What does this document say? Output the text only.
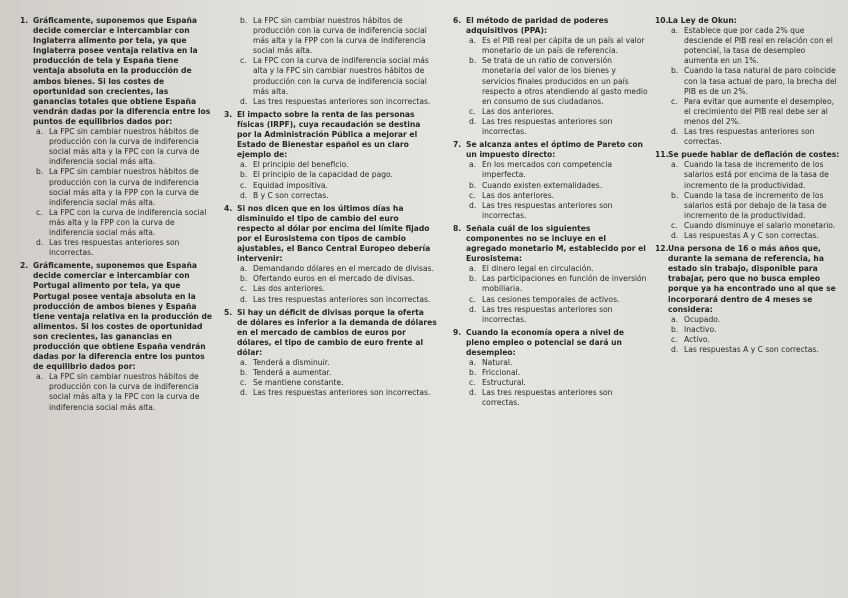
1. Gráficamente, suponemos que España decide comerciar e intercambiar con Inglaterra alimento por tela, ya que Inglaterra posee ventaja relativa en la producción de tela y España tiene ventaja absoluta en la producción de ambos bienes. Si los costes de oportunidad son crecientes, las ganancias totales que obtiene España vendrán dadas por la diferencia entre los puntos de equilibrios dados por:
a. La FPC sin cambiar nuestros hábitos de producción con la curva de indiferencia social más alta y la FPC con la curva de indiferencia social más alta.
b. La FPC sin cambiar nuestros hábitos de producción con la curva de indiferencia social más alta y la FPP con la curva de indiferencia social más alta.
c. La FPC con la curva de indiferencia social más alta y la FPP con la curva de indiferencia social más alta.
d. Las tres respuestas anteriores son incorrectas.
2. Gráficamente, suponemos que España decide comerciar e intercambiar con Portugal alimento por tela, ya que Portugal posee ventaja absoluta en la producción de ambos bienes y España tiene ventaja relativa en la producción de alimentos. Si los costes de oportunidad son crecientes, las ganancias en producción que obtiene España vendrán dadas por la diferencia entre los puntos de equilibrio dados por:
a. La FPC sin cambiar nuestros hábitos de producción con la curva de indiferencia social más alta y la FPC con la curva de indiferencia social más alta.
b. La FPC sin cambiar nuestros hábitos de producción con la curva de indiferencia social más alta y la FPP con la curva de indiferencia social más alta.
c. La FPC con la curva de indiferencia social más alta y la FPC sin cambiar nuestros hábitos de producción con la curva de indiferencia social más alta.
d. Las tres respuestas anteriores son incorrectas.
3. El impacto sobre la renta de las personas físicas (IRPF), cuya recaudación se destina por la Administración Pública a mejorar el Estado de Bienestar español es un claro ejemplo de:
a. El principio del beneficio.
b. El principio de la capacidad de pago.
c. Equidad impositiva.
d. B y C son correctas.
4. Si nos dicen que en los últimos días ha disminuido el tipo de cambio del euro respecto al dólar por encima del límite fijado por el Eurosistema con tipos de cambio ajustables, el Banco Central Europeo debería intervenir:
a. Demandando dólares en el mercado de divisas.
b. Ofertando euros en el mercado de divisas.
c. Las dos anteriores.
d. Las tres respuestas anteriores son incorrectas.
5. Si hay un déficit de divisas porque la oferta de dólares es inferior a la demanda de dólares en el mercado de cambios de euros por dólares, el tipo de cambio de euro frente al dólar:
a. Tenderá a disminuir.
b. Tenderá a aumentar.
c. Se mantiene constante.
d. Las tres respuestas anteriores son incorrectas.
6. El método de paridad de poderes adquisitivos (PPA):
a. Es el PIB real per cápita de un país al valor monetario de un país de referencia.
b. Se trata de un ratio de conversión monetaria del valor de los bienes y servicios finales producidos en un país respecto a otros atendiendo al gasto medio en consumo de sus ciudadanos.
c. Las dos anteriores.
d. Las tres respuestas anteriores son incorrectas.
7. Se alcanza antes el óptimo de Pareto con un impuesto directo:
a. En los mercados con competencia imperfecta.
b. Cuando existen externalidades.
c. Las dos anteriores.
d. Las tres respuestas anteriores son incorrectas.
8. Señala cuál de los siguientes componentes no se incluye en el agregado monetario M, establecido por el Eurosistema:
a. El dinero legal en circulación.
b. Las participaciones en función de inversión mobiliaria.
c. Las cesiones temporales de activos.
d. Las tres respuestas anteriores son incorrectas.
9. Cuando la economía opera a nivel de pleno empleo o potencial se dará un desempleo:
a. Natural.
b. Friccional.
c. Estructural.
d. Las tres respuestas anteriores son correctas.
10. La Ley de Okun:
a. Establece que por cada 2% que desciende el PIB real en relación con el potencial, la tasa de desempleo aumenta en un 1%.
b. Cuando la tasa natural de paro coincide con la tasa actual de paro, la brecha del PIB es de un 2%.
c. Para evitar que aumente el desempleo, el crecimiento del PIB real debe ser al menos del 2%.
d. Las tres respuestas anteriores son correctas.
11. Se puede hablar de deflación de costes:
a. Cuando la tasa de incremento de los salarios está por encima de la tasa de incremento de la productividad.
b. Cuando la tasa de incremento de los salarios está por debajo de la tasa de incremento de la productividad.
c. Cuando disminuye el salario monetario.
d. Las respuestas A y C son correctas.
12. Una persona de 16 o más años que, durante la semana de referencia, ha estado sin trabajo, disponible para trabajar, pero que no busca empleo porque ya ha encontrado uno al que se incorporará dentro de 4 meses se considera:
a. Ocupado.
b. Inactivo.
c. Activo.
d. Las respuestas A y C son correctas.
